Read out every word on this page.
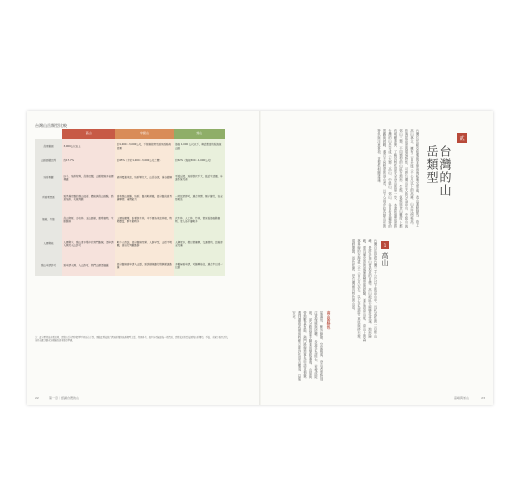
台灣山岳類型比較
	高山	中級山	郊山
高度範圍	3,000公尺以上	約1,000～3,000公尺，下限視緯度及區域而略有差異	海拔 1,000 公尺以下，鄰近都會的低海拔山區
山區面積比例	約17.7%	約45%（介於1,000～3,000公尺之間）	約52%（海拔500～1,000公尺）
地形景觀	冰斗、地形特殊，高聳壯闊，山脈稜線多岩層裸露	森林覆蓋茂密，地形變化大，山高谷深，溪谷縱橫	平緩丘陵、地形起伏不大，貼近生活圈，步道系統完善
所需素質區	需具備完整的登山技術、體能與高山經驗，熟悉地形、天候判斷	需有登山經驗，地形、路況較複雜，部分路段需具備攀爬、垂降能力	一般民眾即可，適合休閒、親子健行，安全性較高
植被、生態	高山寒原、冷杉林、玉山圓柏，耐寒植物，生態脆弱	上層為闊葉、針葉混生林，中下層為茂密林相，物種豐富，野生動物多	次生林、人工林、竹林，常見低海拔動植物，受人為干擾較多
人煙稀疏	人煙稀少，登山者多集中於熱門路線，須申請入園及入山許可	較少人造訪，部分路線荒廢、人跡罕至，山徑不明顯，需自行判斷路跡	人潮眾多，假日常擁擠，交通便利，設施齊全完備
登山申請許可	需申請入園、入山許可，熱門山屋須抽籤	部分路線需申請入山證，需詳細規劃行程與撤退路線	多數無需申請，可隨興前往，適合半日或一日遊
註：此分類僅為方便說明，實際山岳分類因標準不同而有差異。面積比例依據台灣地區數值地形模型計算，僅供參考。表中各項描述為一般情況，實際狀況仍需依個別山區環境、季節、天候等條件評估，出發前應詳細查詢相關資訊並做好準備。
22	第一章｜認識台灣的山
貳
台灣的山岳類型
台灣位於歐亞板塊與菲律賓海板塊交界處，造山運動劇烈，島上 高山林立，擁有二百多座三千公尺以上的高峰，山岳比例極高。 依海拔高度與環境特性，可將台灣山岳大致分為高山、中級山 與郊山三類，不同類型的山區在地形、生態、氣候與登山難度 上都有明顯差異，了解其特性是安全登山的第一步。 本書依據高度將台灣的山岳分成三大類：高山、中級山、郊山， 各自有其獨特的景觀與挑戰，適合不同程度的登山者。 以下分別介紹各類山岳的特色與注意事項，並提供相關建議。
1
高山
台灣百岳是指台灣三千公尺以上的高山中，具代表性的一百座 山峰，是許多登山者追求的目標。高山地區天候變化快速， 地形險峻，需具備完善的裝備與豐富的經驗，並注意高山症。 高山上的森林界線約在海拔三千三百公尺左右，以上多為箭竹 草原與碎石坡，視野開闊，景色壯麗，是台灣最具特色的山景。
高山的特色
氣溫低、紫外線強、空氣稀薄，登山者需特別注意保暖與防曬。 步道多為碎石、岩稜或陡坡，部分路段需手腳並用攀爬通過。 山屋與營地數量有限，熱門路線需事先申請並抽籤。 遇到濃霧或強風時應立即評估是否撤退，以策安全。
高峰與郊山	23
